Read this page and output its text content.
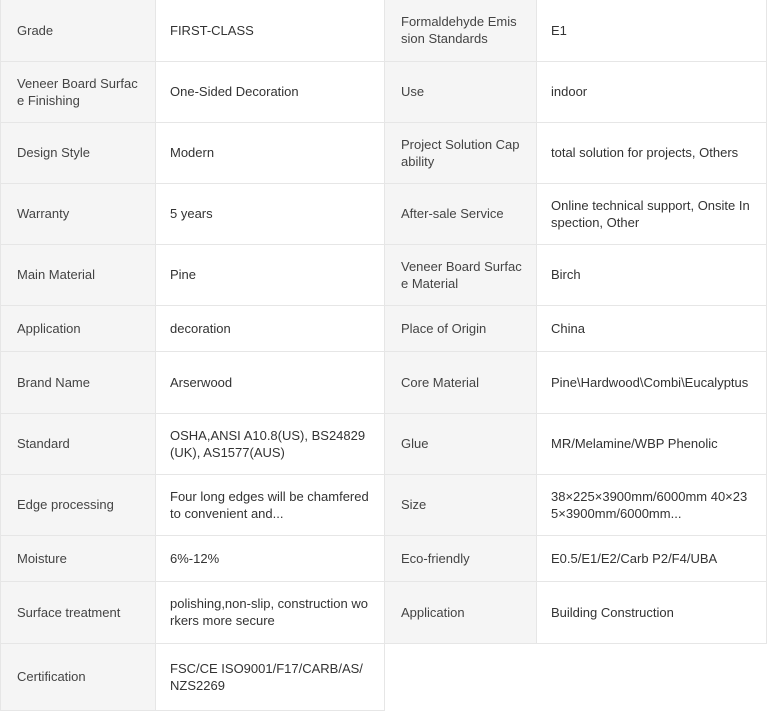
Grade	FIRST-CLASS	Formaldehyde Emission Standards	E1
Veneer Board Surface Finishing	One-Sided Decoration	Use	indoor
Design Style	Modern	Project Solution Capability	total solution for projects, Others
Warranty	5 years	After-sale Service	Online technical support, Onsite Inspection, Other
Main Material	Pine	Veneer Board Surface Material	Birch
Application	decoration	Place of Origin	China
Brand Name	Arserwood	Core Material	Pine\Hardwood\Combi\Eucalyptus
Standard	OSHA,ANSI A10.8(US), BS24829(UK), AS1577(AUS)	Glue	MR/Melamine/WBP Phenolic
Edge processing	Four long edges will be chamfered to convenient and...	Size	38×225×3900mm/6000mm 40×235×3900mm/6000mm...

Moisture	6%-12%	Eco-friendly	E0.5/E1/E2/Carb P2/F4/UBA
Surface treatment	polishing,non-slip, construction workers more secure	Application	Building Construction
Certification	FSC/CE ISO9001/F17/CARB/AS/NZS2269		
